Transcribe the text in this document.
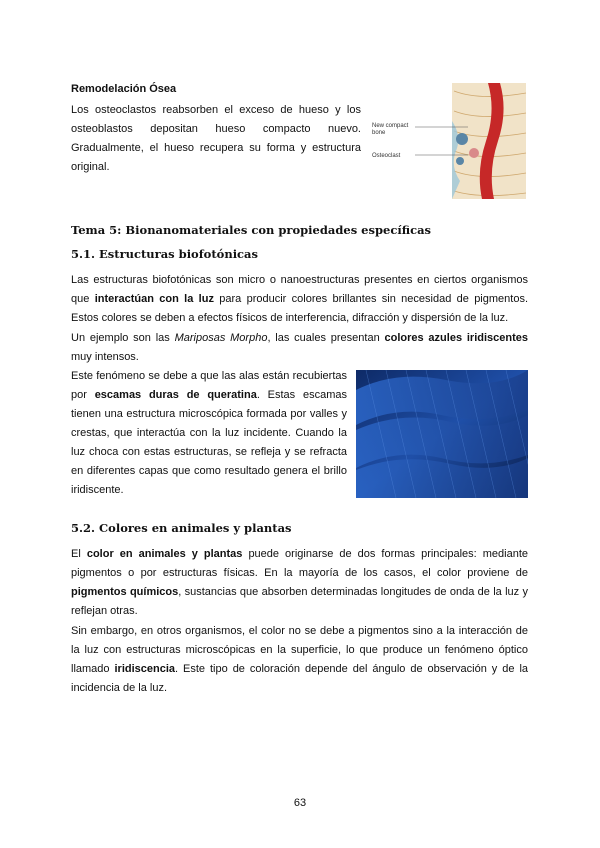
Remodelación Ósea
Los osteoclastos reabsorben el exceso de hueso y los osteoblastos depositan hueso compacto nuevo. Gradualmente, el hueso recupera su forma y estructura original.
New compact
bone
Osteoclast
Tema 5: Bionanomateriales con propiedades específicas
5.1. Estructuras biofotónicas
Las estructuras biofotónicas son micro o nanoestructuras presentes en ciertos organismos que interactúan con la luz para producir colores brillantes sin necesidad de pigmentos. Estos colores se deben a efectos físicos de interferencia, difracción y dispersión de la luz.
Un ejemplo son las Mariposas Morpho, las cuales presentan colores azules iridiscentes muy intensos.
Este fenómeno se debe a que las alas están recubiertas por escamas duras de queratina. Estas escamas tienen una estructura microscópica formada por valles y crestas, que interactúa con la luz incidente. Cuando la luz choca con estas estructuras, se refleja y se refracta en diferentes capas que como resultado genera el brillo iridiscente.
5.2. Colores en animales y plantas
El color en animales y plantas puede originarse de dos formas principales: mediante pigmentos o por estructuras físicas. En la mayoría de los casos, el color proviene de pigmentos químicos, sustancias que absorben determinadas longitudes de onda de la luz y reflejan otras.
Sin embargo, en otros organismos, el color no se debe a pigmentos sino a la interacción de la luz con estructuras microscópicas en la superficie, lo que produce un fenómeno óptico llamado iridiscencia. Este tipo de coloración depende del ángulo de observación y de la incidencia de la luz.
63
